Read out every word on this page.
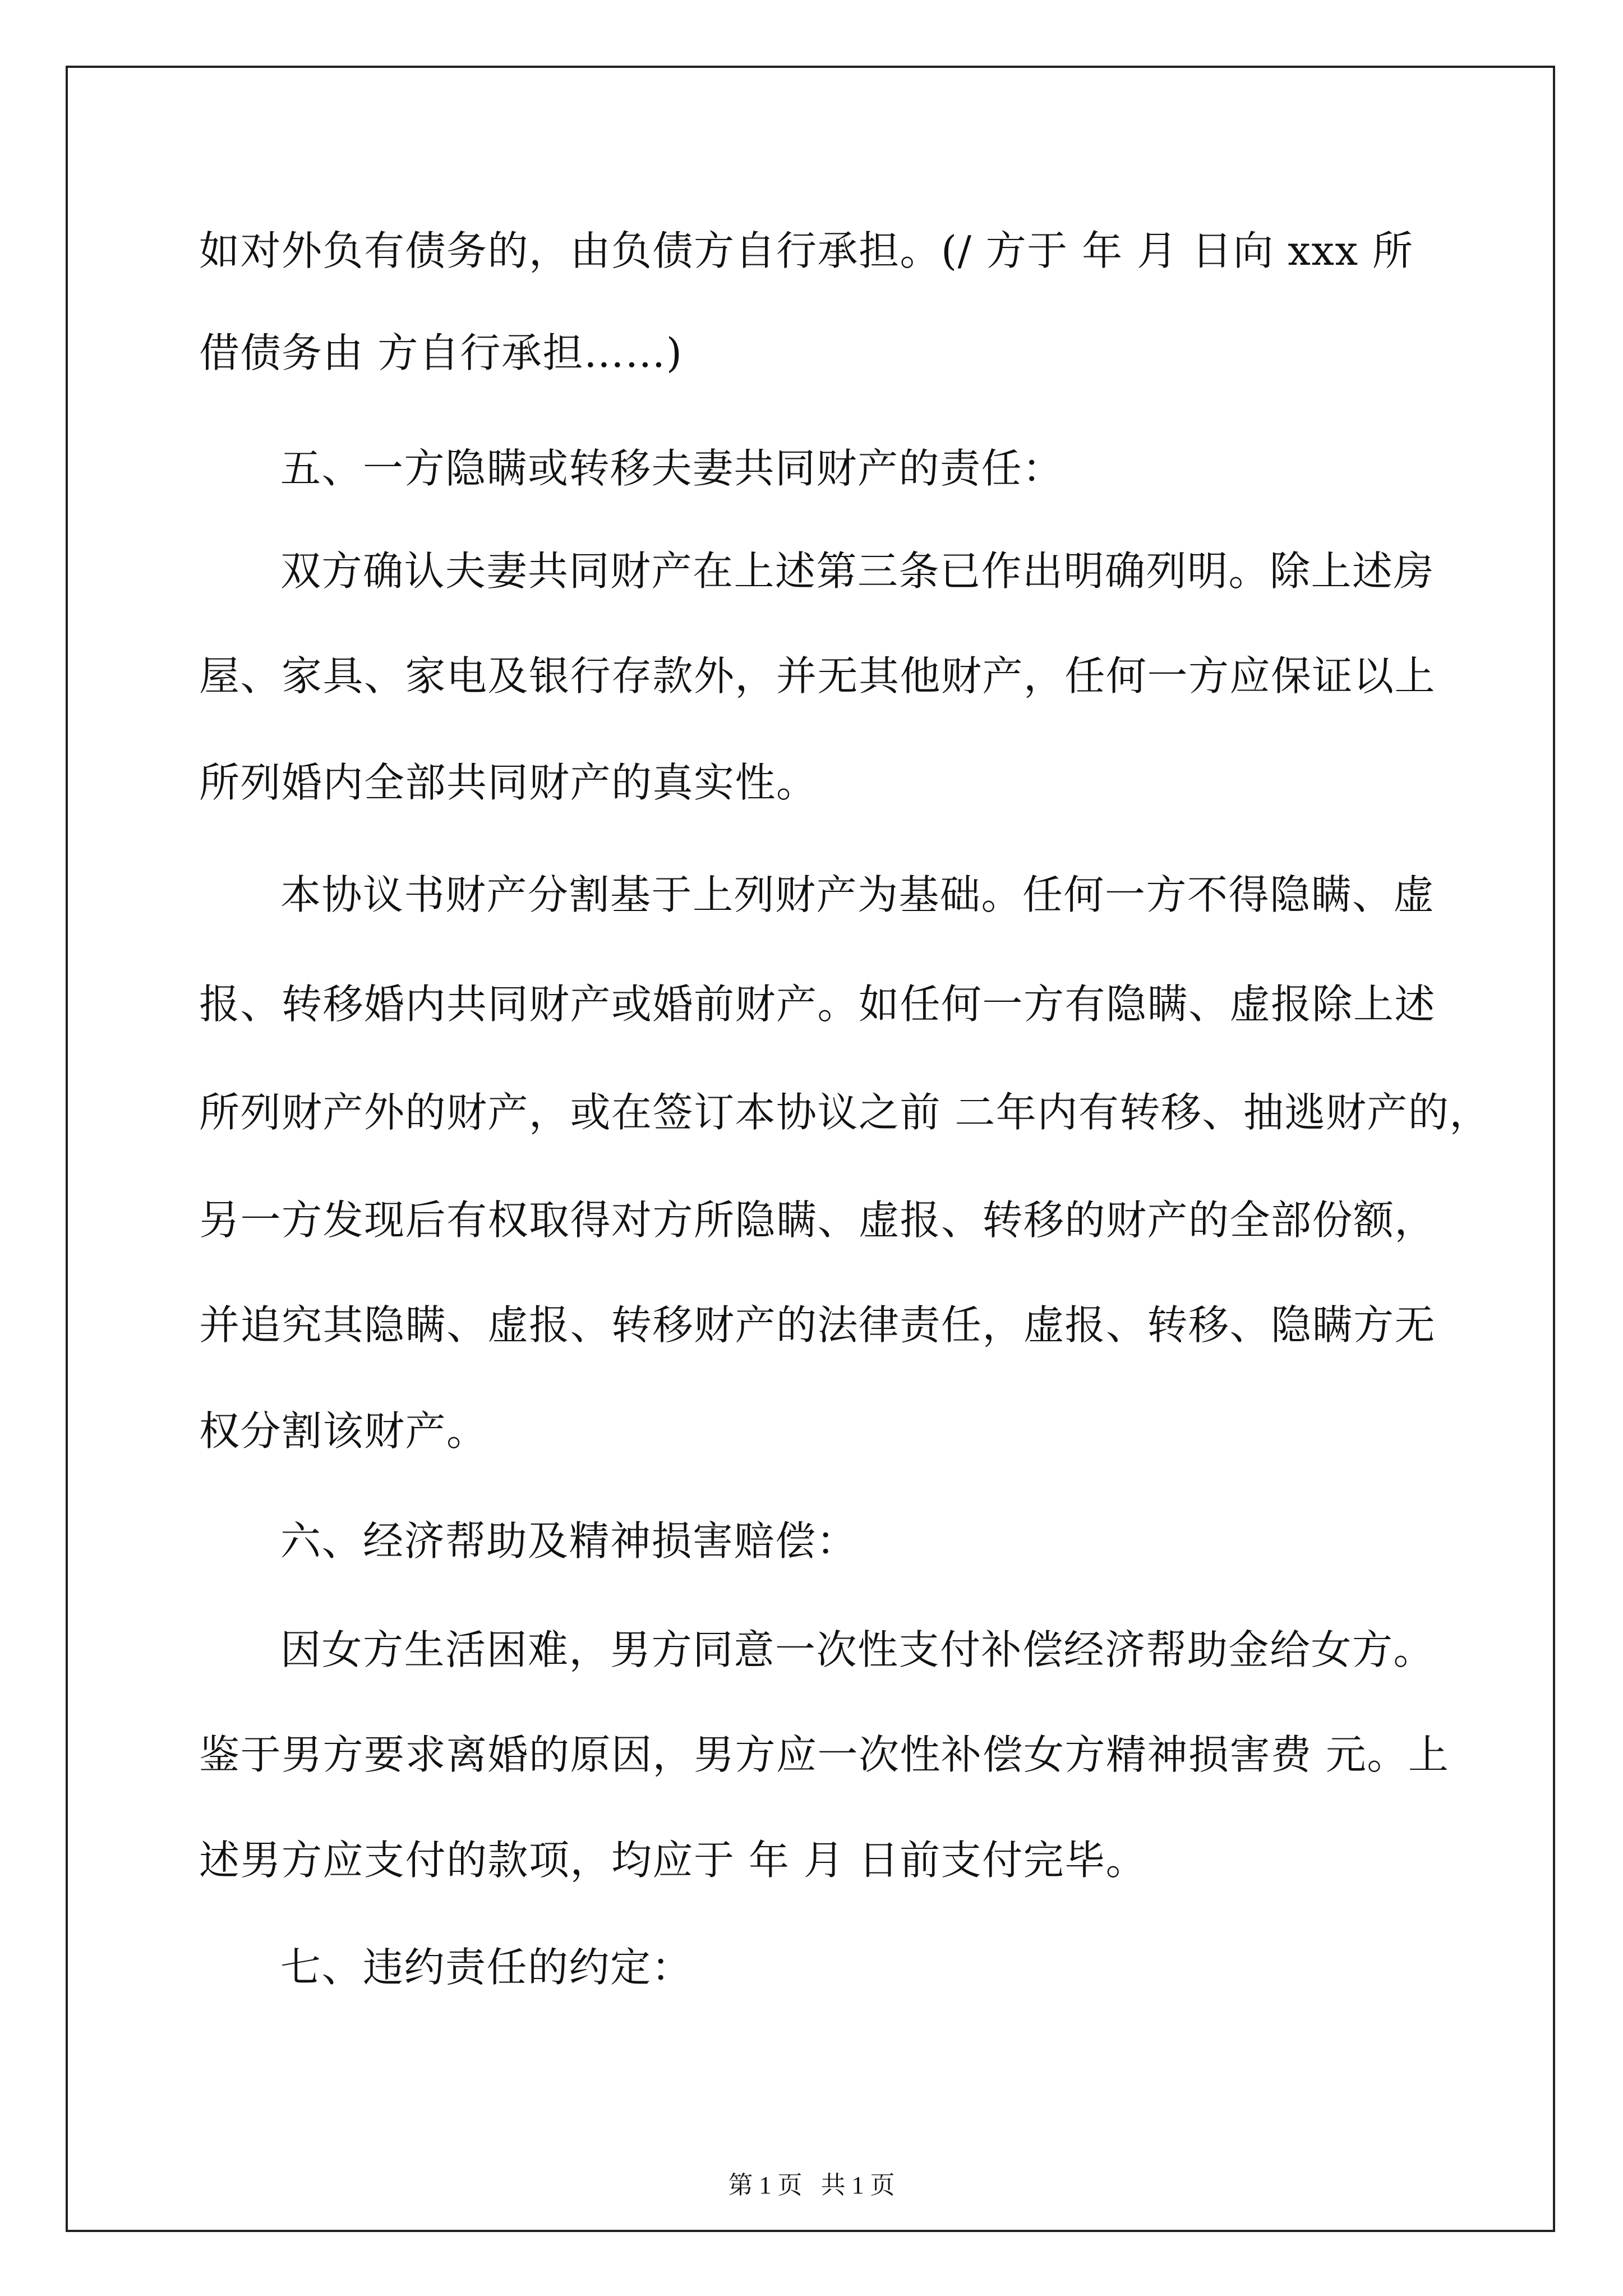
如对外负有债务的，由负债方自行承担。(/ 方于 年 月 日向 xxx 所
借债务由 方自行承担……)
五、一方隐瞒或转移夫妻共同财产的责任：
双方确认夫妻共同财产在上述第三条已作出明确列明。除上述房
屋、家具、家电及银行存款外，并无其他财产，任何一方应保证以上
所列婚内全部共同财产的真实性。
本协议书财产分割基于上列财产为基础。任何一方不得隐瞒、虚
报、转移婚内共同财产或婚前财产。如任何一方有隐瞒、虚报除上述
所列财产外的财产，或在签订本协议之前 二年内有转移、抽逃财产的，
另一方发现后有权取得对方所隐瞒、虚报、转移的财产的全部份额，
并追究其隐瞒、虚报、转移财产的法律责任，虚报、转移、隐瞒方无
权分割该财产。
六、经济帮助及精神损害赔偿：
因女方生活困难，男方同意一次性支付补偿经济帮助金给女方。
鉴于男方要求离婚的原因，男方应一次性补偿女方精神损害费 元。上
述男方应支付的款项，均应于 年 月 日前支付完毕。
七、违约责任的约定：
第 1 页   共 1 页
